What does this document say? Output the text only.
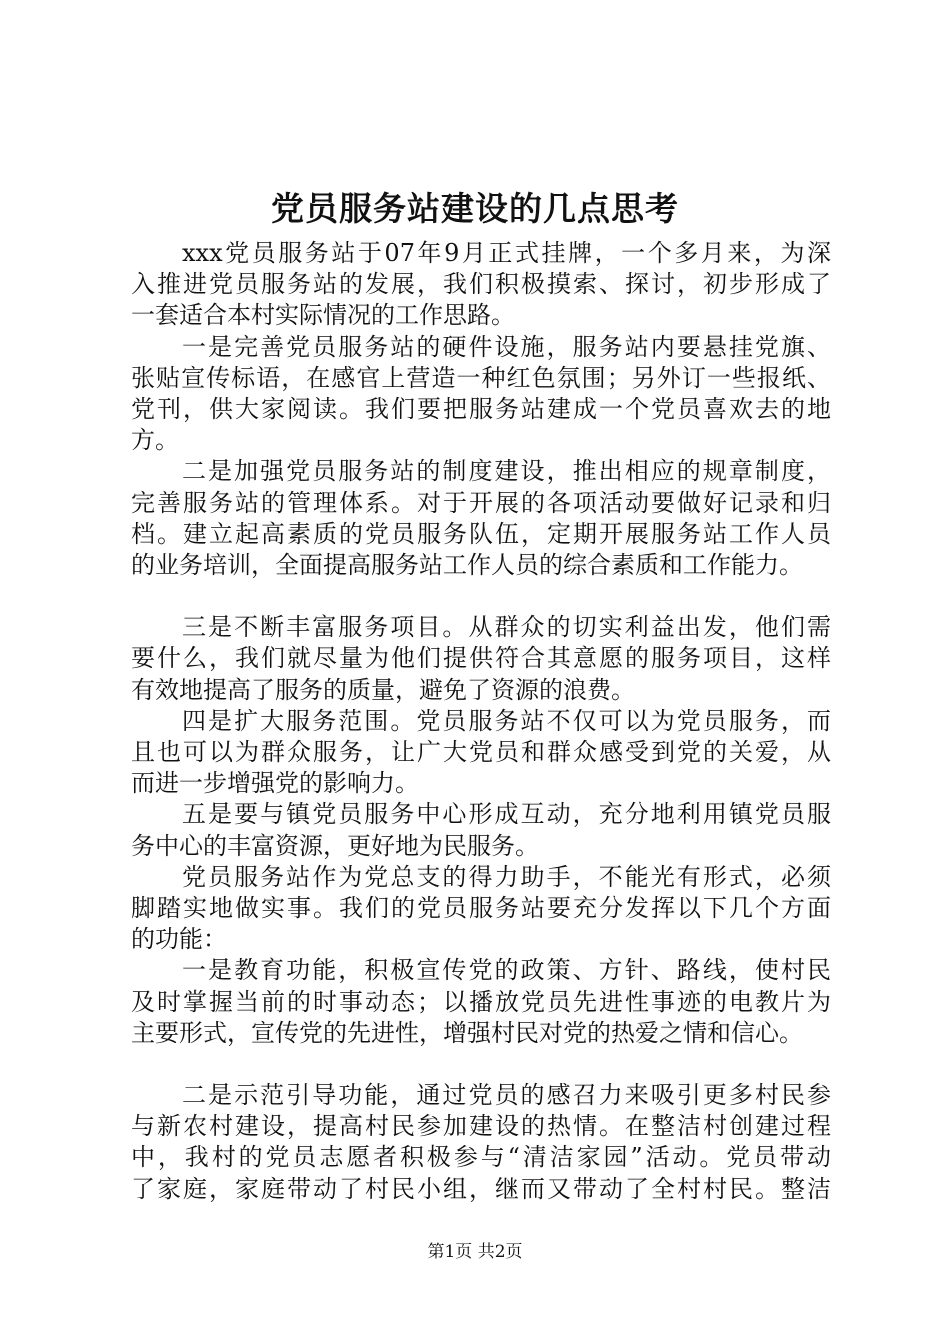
党员服务站建设的几点思考
xxx党员服务站于07年9月正式挂牌，一个多月来，为深
入推进党员服务站的发展，我们积极摸索、探讨，初步形成了
一套适合本村实际情况的工作思路。
一是完善党员服务站的硬件设施，服务站内要悬挂党旗、
张贴宣传标语，在感官上营造一种红色氛围；另外订一些报纸、
党刊，供大家阅读。我们要把服务站建成一个党员喜欢去的地
方。
二是加强党员服务站的制度建设，推出相应的规章制度，
完善服务站的管理体系。对于开展的各项活动要做好记录和归
档。建立起高素质的党员服务队伍，定期开展服务站工作人员
的业务培训，全面提高服务站工作人员的综合素质和工作能力。
三是不断丰富服务项目。从群众的切实利益出发，他们需
要什么，我们就尽量为他们提供符合其意愿的服务项目，这样
有效地提高了服务的质量，避免了资源的浪费。
四是扩大服务范围。党员服务站不仅可以为党员服务，而
且也可以为群众服务，让广大党员和群众感受到党的关爱，从
而进一步增强党的影响力。
五是要与镇党员服务中心形成互动，充分地利用镇党员服
务中心的丰富资源，更好地为民服务。
党员服务站作为党总支的得力助手，不能光有形式，必须
脚踏实地做实事。我们的党员服务站要充分发挥以下几个方面
的功能：
一是教育功能，积极宣传党的政策、方针、路线，使村民
及时掌握当前的时事动态；以播放党员先进性事迹的电教片为
主要形式，宣传党的先进性，增强村民对党的热爱之情和信心。
二是示范引导功能，通过党员的感召力来吸引更多村民参
与新农村建设，提高村民参加建设的热情。在整洁村创建过程
中，我村的党员志愿者积极参与“清洁家园”活动。党员带动
了家庭，家庭带动了村民小组，继而又带动了全村村民。整洁
第1页 共2页
